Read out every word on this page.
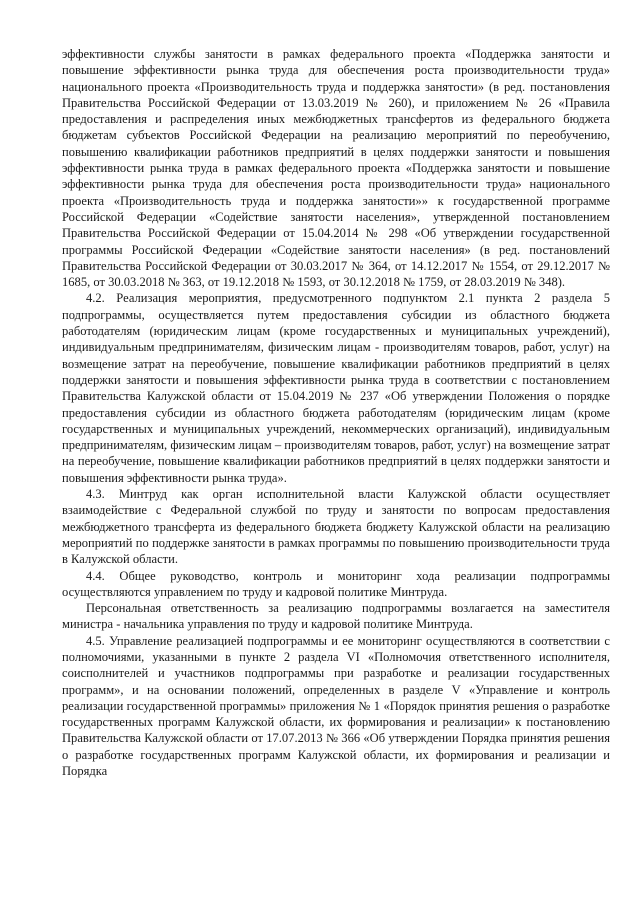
эффективности службы занятости в рамках федерального проекта «Поддержка занятости и повышение эффективности рынка труда для обеспечения роста производительности труда» национального проекта «Производительность труда и поддержка занятости» (в ред. постановления Правительства Российской Федерации от 13.03.2019 № 260), и приложением № 26 «Правила предоставления и распределения иных межбюджетных трансфертов из федерального бюджета бюджетам субъектов Российской Федерации на реализацию мероприятий по переобучению, повышению квалификации работников предприятий в целях поддержки занятости и повышения эффективности рынка труда в рамках федерального проекта «Поддержка занятости и повышение эффективности рынка труда для обеспечения роста производительности труда» национального проекта «Производительность труда и поддержка занятости»» к государственной программе Российской Федерации «Содействие занятости населения», утвержденной постановлением Правительства Российской Федерации от 15.04.2014 № 298 «Об утверждении государственной программы Российской Федерации «Содействие занятости населения» (в ред. постановлений Правительства Российской Федерации от 30.03.2017 № 364, от 14.12.2017 № 1554, от 29.12.2017 № 1685, от 30.03.2018 № 363, от 19.12.2018 № 1593, от 30.12.2018 № 1759, от 28.03.2019 № 348).

4.2. Реализация мероприятия, предусмотренного подпунктом 2.1 пункта 2 раздела 5 подпрограммы, осуществляется путем предоставления субсидии из областного бюджета работодателям (юридическим лицам (кроме государственных и муниципальных учреждений), индивидуальным предпринимателям, физическим лицам - производителям товаров, работ, услуг) на возмещение затрат на переобучение, повышение квалификации работников предприятий в целях поддержки занятости и повышения эффективности рынка труда в соответствии с постановлением Правительства Калужской области от 15.04.2019 № 237 «Об утверждении Положения о порядке предоставления субсидии из областного бюджета работодателям (юридическим лицам (кроме государственных и муниципальных учреждений, некоммерческих организаций), индивидуальным предпринимателям, физическим лицам – производителям товаров, работ, услуг) на возмещение затрат на переобучение, повышение квалификации работников предприятий в целях поддержки занятости и повышения эффективности рынка труда».

4.3. Минтруд как орган исполнительной власти Калужской области осуществляет взаимодействие с Федеральной службой по труду и занятости по вопросам предоставления межбюджетного трансферта из федерального бюджета бюджету Калужской области на реализацию мероприятий по поддержке занятости в рамках программы по повышению производительности труда в Калужской области.

4.4. Общее руководство, контроль и мониторинг хода реализации подпрограммы осуществляются управлением по труду и кадровой политике Минтруда.

Персональная ответственность за реализацию подпрограммы возлагается на заместителя министра - начальника управления по труду и кадровой политике Минтруда.

4.5. Управление реализацией подпрограммы и ее мониторинг осуществляются в соответствии с полномочиями, указанными в пункте 2 раздела VI «Полномочия ответственного исполнителя, соисполнителей и участников подпрограммы при разработке и реализации государственных программ», и на основании положений, определенных в разделе V «Управление и контроль реализации государственной программы» приложения № 1 «Порядок принятия решения о разработке государственных программ Калужской области, их формирования и реализации» к постановлению Правительства Калужской области от 17.07.2013 № 366 «Об утверждении Порядка принятия решения о разработке государственных программ Калужской области, их формирования и реализации и Порядка
